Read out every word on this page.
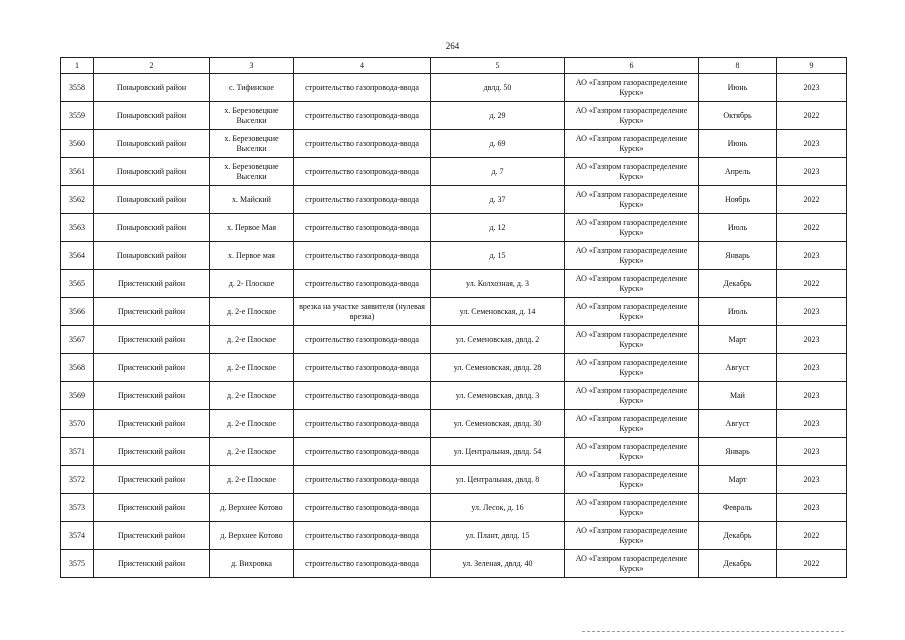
264
1	2	3	4	5	6	8	9
3558	Поныровский район	с. Тифинское	строительство газопровода-ввода	двлд. 50	АО «Газпром газораспределение Курск»	Июнь	2023
3559	Поныровский район	х. Березовецкие Выселки	строительство газопровода-ввода	д. 29	АО «Газпром газораспределение Курск»	Октябрь	2022
3560	Поныровский район	х. Березовецкие Выселки	строительство газопровода-ввода	д. 69	АО «Газпром газораспределение Курск»	Июнь	2023
3561	Поныровский район	х. Березовецкие Выселки	строительство газопровода-ввода	д. 7	АО «Газпром газораспределение Курск»	Апрель	2023
3562	Поныровский район	х. Майский	строительство газопровода-ввода	д. 37	АО «Газпром газораспределение Курск»	Ноябрь	2022
3563	Поныровский район	х. Первое Мая	строительство газопровода-ввода	д. 12	АО «Газпром газораспределение Курск»	Июль	2022
3564	Поныровский район	х. Первое мая	строительство газопровода-ввода	д. 15	АО «Газпром газораспределение Курск»	Январь	2023
3565	Пристенский район	д. 2- Плоское	строительство газопровода-ввода	ул. Колхозная, д. 3	АО «Газпром газораспределение Курск»	Декабрь	2022
3566	Пристенский район	д. 2-е Плоское	врезка на участке заявителя (нулевая врезка)	ул. Семеновская, д. 14	АО «Газпром газораспределение Курск»	Июль	2023
3567	Пристенский район	д. 2-е Плоское	строительство газопровода-ввода	ул. Семеновская, двлд. 2	АО «Газпром газораспределение Курск»	Март	2023
3568	Пристенский район	д. 2-е Плоское	строительство газопровода-ввода	ул. Семеновская, двлд. 28	АО «Газпром газораспределение Курск»	Август	2023
3569	Пристенский район	д. 2-е Плоское	строительство газопровода-ввода	ул. Семеновская, двлд. 3	АО «Газпром газораспределение Курск»	Май	2023
3570	Пристенский район	д. 2-е Плоское	строительство газопровода-ввода	ул. Семеновская, двлд. 30	АО «Газпром газораспределение Курск»	Август	2023
3571	Пристенский район	д. 2-е Плоское	строительство газопровода-ввода	ул. Центральная, двлд. 54	АО «Газпром газораспределение Курск»	Январь	2023
3572	Пристенский район	д. 2-е Плоское	строительство газопровода-ввода	ул. Центральная, двлд. 8	АО «Газпром газораспределение Курск»	Март	2023
3573	Пристенский район	д. Верхнее Котово	строительство газопровода-ввода	ул. Лесок, д. 16	АО «Газпром газораспределение Курск»	Февраль	2023
3574	Пристенский район	д. Верхнее Котово	строительство газопровода-ввода	ул. Плант, двлд. 15	АО «Газпром газораспределение Курск»	Декабрь	2022
3575	Пристенский район	д. Вихровка	строительство газопровода-ввода	ул. Зеленая, двлд. 40	АО «Газпром газораспределение Курск»	Декабрь	2022
